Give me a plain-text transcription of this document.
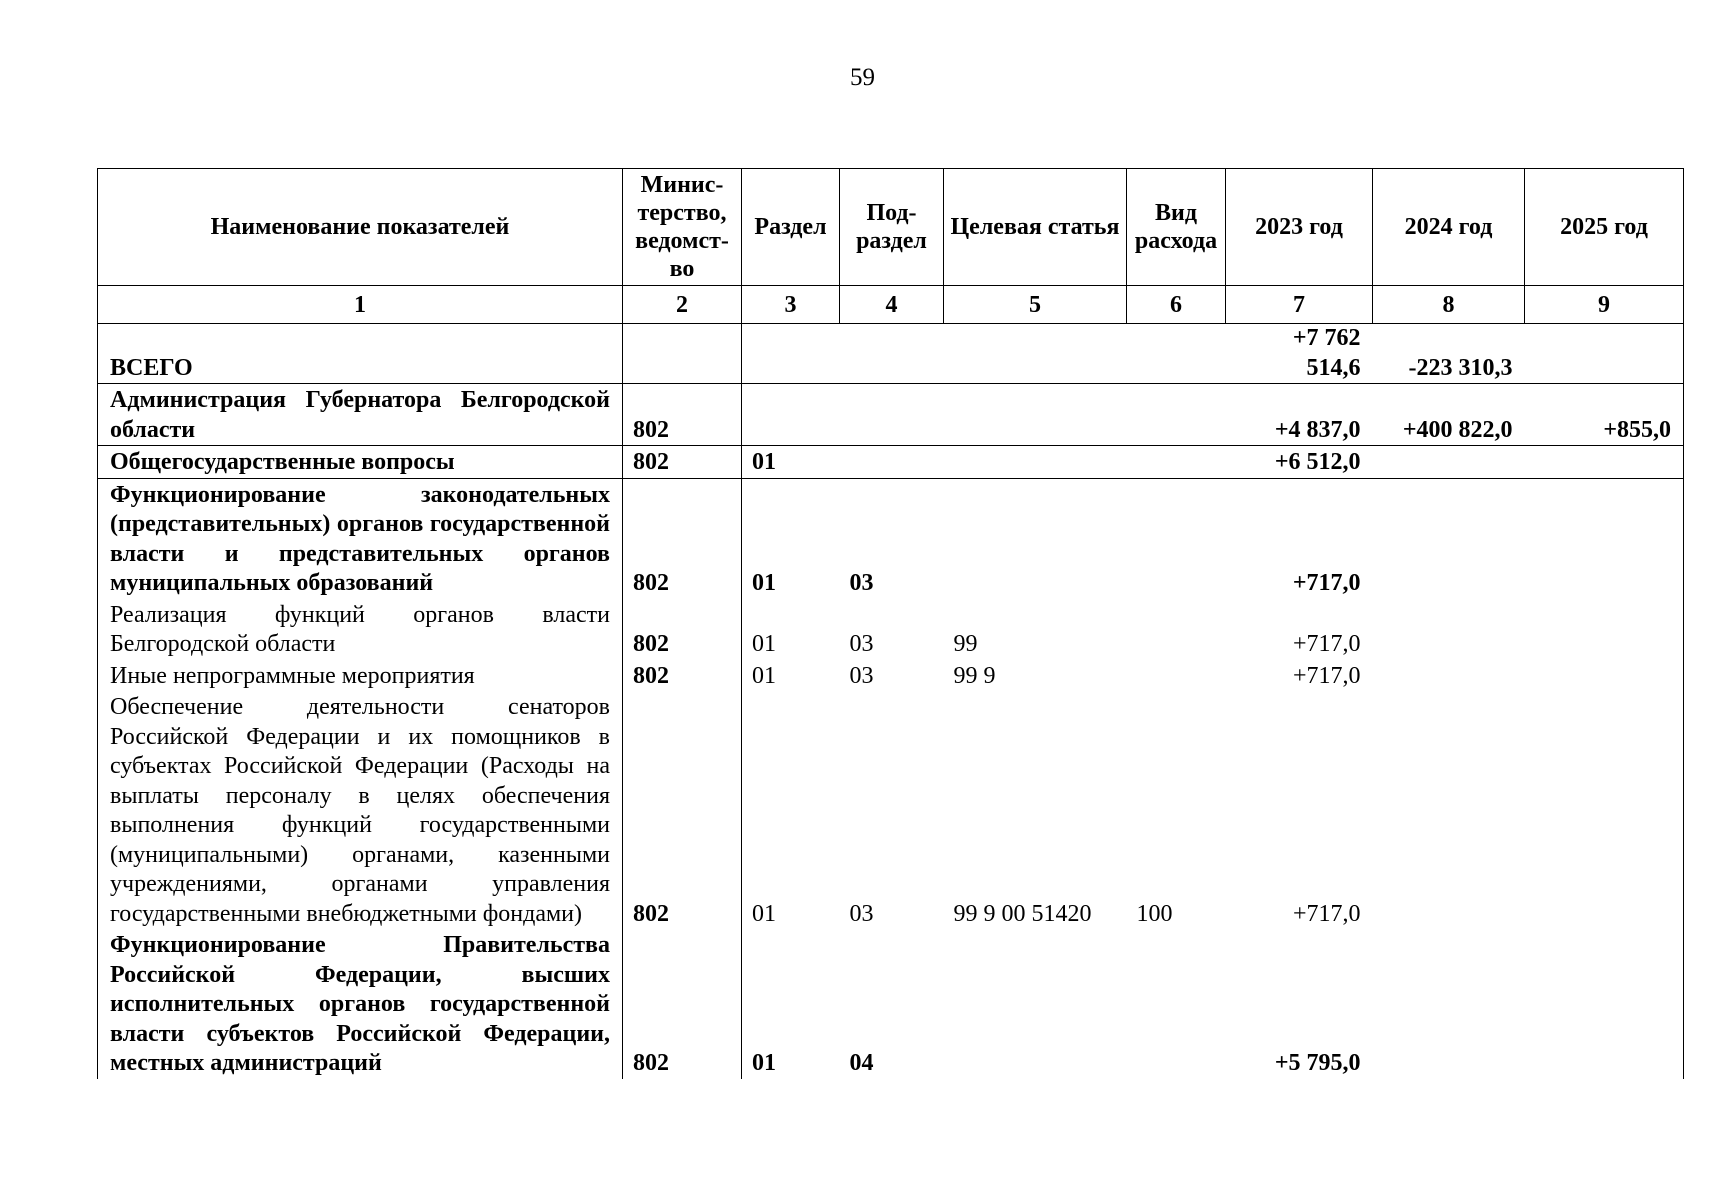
59
Наименование показателей	Минис-терство, ведомст-во	Раздел	Под-раздел	Целевая статья	Вид расхода	2023 год	2024 год	2025 год
1	2	3	4	5	6	7	8	9
ВСЕГО						+7 762 514,6	-223 310,3	
Администрация Губернатора Белгородской области	802					+4 837,0	+400 822,0	+855,0
Общегосударственные вопросы	802	01				+6 512,0		
Функционирование законодательных (представительных) органов государственной власти и представительных органов муниципальных образований	802	01	03			+717,0		
Реализация функций органов власти Белгородской области	802	01	03	99		+717,0		
Иные непрограммные мероприятия	802	01	03	99 9		+717,0		
Обеспечение деятельности сенаторов Российской Федерации и их помощников в субъектах Российской Федерации (Расходы на выплаты персоналу в целях обеспечения выполнения функций государственными (муниципальными) органами, казенными учреждениями, органами управления государственными внебюджетными фондами)	802	01	03	99 9 00 51420	100	+717,0		
Функционирование Правительства Российской Федерации, высших исполнительных органов государственной власти субъектов Российской Федерации, местных администраций	802	01	04			+5 795,0		
